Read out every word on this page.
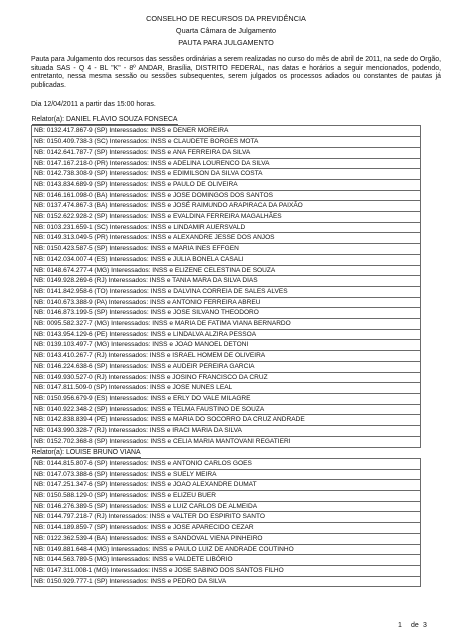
CONSELHO DE RECURSOS DA PREVIDÊNCIA
Quarta Câmara de Julgamento
PAUTA PARA JULGAMENTO
Pauta para Julgamento dos recursos das sessões ordinárias a serem realizadas no curso do mês de abril de 2011, na sede do Orgão, situada SAS - Q 4 - BL "K" - 8º ANDAR, Brasília, DISTRITO FEDERAL, nas datas e horários a seguir mencionados, podendo, entretanto, nessa mesma sessão ou sessões subsequentes, serem julgados os processos adiados ou constantes de pautas já publicadas.
Dia 12/04/2011 a partir das 15:00 horas.
Relator(a): DANIEL FLÁVIO SOUZA FONSECA
NB: 0132.417.867-9 (SP) Interessados: INSS e DENER MOREIRA
NB: 0150.409.738-3 (SC) Interessados: INSS e CLAUDETE BORGES MOTA
NB: 0142.641.787-7 (SP) Interessados: INSS e ANA FERREIRA DA SILVA
NB: 0147.167.218-0 (PR) Interessados: INSS e ADELINA LOURENCO DA SILVA
NB: 0142.738.308-9 (SP) Interessados: INSS e EDIMILSON DA SILVA COSTA
NB: 0143.834.689-9 (SP) Interessados: INSS e PAULO DE OLIVEIRA
NB: 0146.161.098-0 (BA) Interessados: INSS e JOSE DOMINGOS DOS SANTOS
NB: 0137.474.867-3 (BA) Interessados: INSS e JOSÉ RAIMUNDO ARAPIRACA DA PAIXÃO
NB: 0152.622.928-2 (SP) Interessados: INSS e EVALDINA FERREIRA MAGALHÃES
NB: 0103.231.659-1 (SC) Interessados: INSS e LINDAMIR AUERSVALD
NB: 0149.313.049-5 (PR) Interessados: INSS e ALEXANDRE JESSE DOS ANJOS
NB: 0150.423.587-5 (SP) Interessados: INSS e MARIA INES EFFGEN
NB: 0142.034.007-4 (ES) Interessados: INSS e JULIA BONELA CASALI
NB: 0148.674.277-4 (MG) Interessados: INSS e ELIZENE CELESTINA DE SOUZA
NB: 0149.928.269-6 (RJ) Interessados: INSS e TANIA MARA DA SILVA DIAS
NB: 0141.842.958-6 (TO) Interessados: INSS e DALVINA CORREIA DE SALES ALVES
NB: 0140.673.388-9 (PA) Interessados: INSS e ANTONIO FERREIRA ABREU
NB: 0146.873.199-5 (SP) Interessados: INSS e JOSE SILVANO THEODORO
NB: 0095.582.327-7 (MG) Interessados: INSS e MARIA DE FATIMA VIANA BERNARDO
NB: 0143.954.129-6 (PE) Interessados: INSS e LINDALVA ALZIRA PESSOA
NB: 0139.103.497-7 (MG) Interessados: INSS e JOAO MANOEL DETONI
NB: 0143.410.267-7 (RJ) Interessados: INSS e ISRAEL HOMEM DE OLIVEIRA
NB: 0146.224.638-6 (SP) Interessados: INSS e AUDEIR PEREIRA GARCIA
NB: 0149.930.527-0 (RJ) Interessados: INSS e JOSINO FRANCISCO DA CRUZ
NB: 0147.811.509-0 (SP) Interessados: INSS e JOSE NUNES LEAL
NB: 0150.956.679-9 (ES) Interessados: INSS e ERLY DO VALE MILAGRE
NB: 0140.922.348-2 (SP) Interessados: INSS e TELMA FAUSTINO DE SOUZA
NB: 0142.838.839-4 (PE) Interessados: INSS e MARIA DO SOCORRO DA CRUZ ANDRADE
NB: 0143.990.328-7 (RJ) Interessados: INSS e IRACI MARIA DA SILVA
NB: 0152.702.368-8 (SP) Interessados: INSS e CELIA MARIA MANTOVANI REGATIERI
Relator(a): LOUISE BRUNO VIANA
NB: 0144.815.807-6 (SP) Interessados: INSS e ANTONIO CARLOS GOES
NB: 0147.073.388-6 (SP) Interessados: INSS e SUELY MEIRA
NB: 0147.251.347-6 (SP) Interessados: INSS e JOAO ALEXANDRE DUMAT
NB: 0150.588.129-0 (SP) Interessados: INSS e ELIZEU BUER
NB: 0146.276.389-5 (SP) Interessados: INSS e LUIZ CARLOS DE ALMEIDA
NB: 0144.797.218-7 (RJ) Interessados: INSS e VALTER DO ESPIRITO SANTO
NB: 0144.189.859-7 (SP) Interessados: INSS e JOSE APARECIDO CEZAR
NB: 0122.362.539-4 (BA) Interessados: INSS e SANDOVAL VIENA PINHEIRO
NB: 0149.881.648-4 (MG) Interessados: INSS e PAULO LUIZ DE ANDRADE COUTINHO
NB: 0144.563.789-5 (MG) Interessados: INSS e VALDETE LIBÓRIO
NB: 0147.311.008-1 (MG) Interessados: INSS e JOSE SABINO DOS SANTOS FILHO
NB: 0150.929.777-1 (SP) Interessados: INSS e PEDRO DA SILVA
1 de 3
